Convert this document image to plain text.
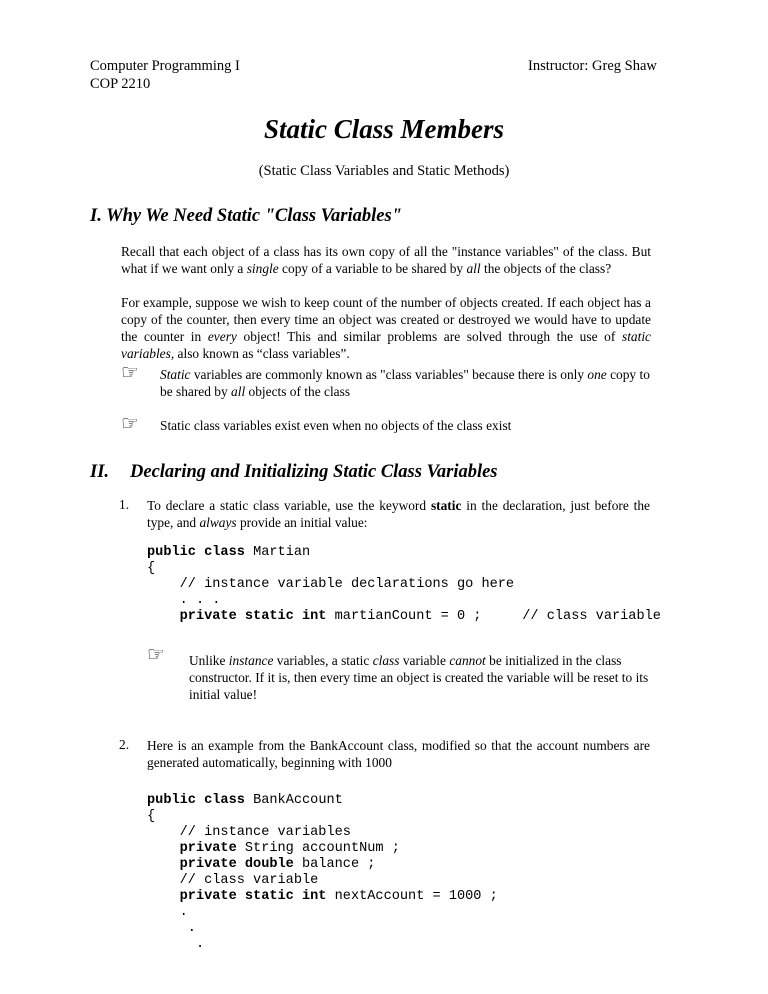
Computer Programming I
COP 2210
Instructor: Greg Shaw
Static Class Members
(Static Class Variables and Static Methods)
I. Why We Need Static "Class Variables"
Recall that each object of a class has its own copy of all the "instance variables" of the class. But what if we want only a single copy of a variable to be shared by all the objects of the class?
For example, suppose we wish to keep count of the number of objects created. If each object has a copy of the counter, then every time an object was created or destroyed we would have to update the counter in every object! This and similar problems are solved through the use of static variables, also known as “class variables”.
☞ Static variables are commonly known as "class variables" because there is only one copy to be shared by all objects of the class
☞ Static class variables exist even when no objects of the class exist
II. Declaring and Initializing Static Class Variables
1. To declare a static class variable, use the keyword static in the declaration, just before the type, and always provide an initial value:
public class Martian
{
// instance variable declarations go here
. . .
private static int martianCount = 0 ;     // class variable
☞ Unlike instance variables, a static class variable cannot be initialized in the class constructor. If it is, then every time an object is created the variable will be reset to its initial value!
2. Here is an example from the BankAccount class, modified so that the account numbers are generated automatically, beginning with 1000
public class BankAccount
{
// instance variables
private String accountNum ;
private double balance ;
// class variable
private static int nextAccount = 1000 ;
.
.
.
